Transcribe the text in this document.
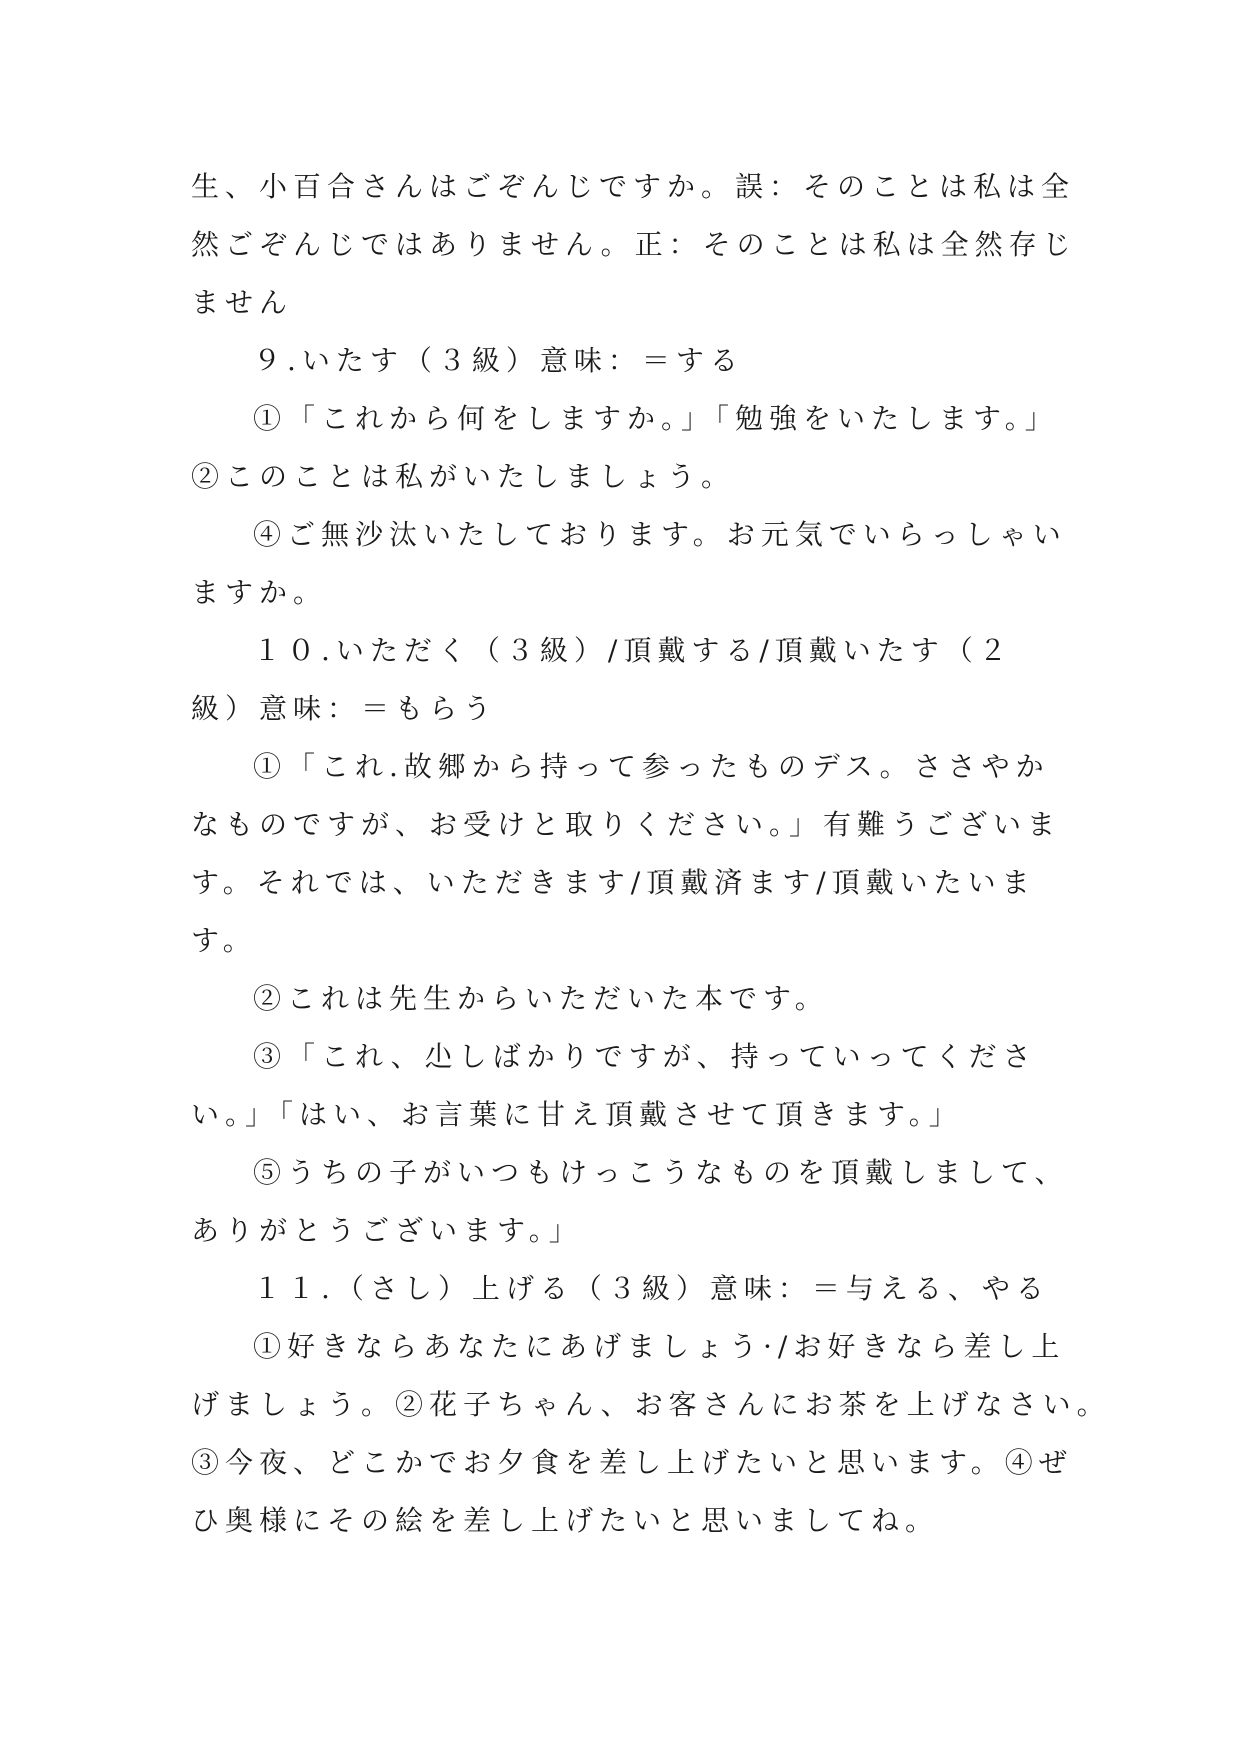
生、小百合さんはごぞんじですか。誤：そのことは私は全
然ごぞんじではありません。正：そのことは私は全然存じ
ません
９.いたす（３級）意味：＝する
①「これから何をしますか。」「勉強をいたします。」
②このことは私がいたしましょう。
④ご無沙汰いたしております。お元気でいらっしゃい
ますか。
１０.いただく（３級）/頂戴する/頂戴いたす（２
級）意味：＝もらう
①「これ.故郷から持って参ったものデス。ささやか
なものですが、お受けと取りください。」有難うございま
す。それでは、いただきます/頂戴済ます/頂戴いたいま
す。
②これは先生からいただいた本です。
③「これ、尐しばかりですが、持っていってくださ
い。」「はい、お言葉に甘え頂戴させて頂きます。」
⑤うちの子がいつもけっこうなものを頂戴しまして、
ありがとうございます。」
１１.（さし）上げる（３級）意味：＝与える、やる
①好きならあなたにあげましょう·/お好きなら差し上
げましょう。②花子ちゃん、お客さんにお茶を上げなさい。
③今夜、どこかでお夕食を差し上げたいと思います。④ぜ
ひ奥様にその絵を差し上げたいと思いましてね。
